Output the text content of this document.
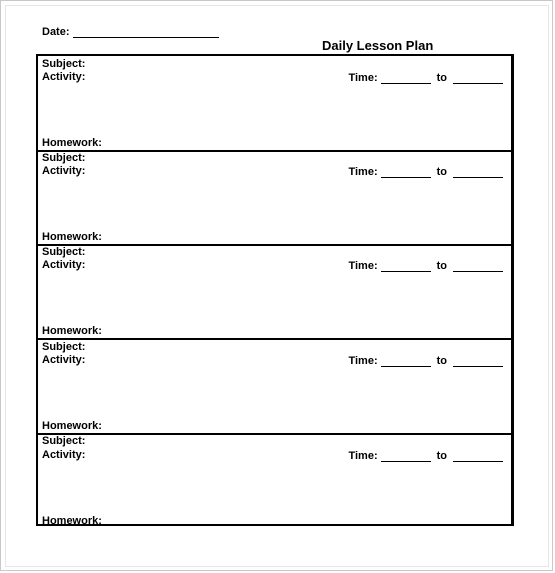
Date:
Daily Lesson Plan
Subject:
Activity:	Time:	to
Homework:
Subject:
Activity:	Time:	to
Homework:
Subject:
Activity:	Time:	to
Homework:
Subject:
Activity:	Time:	to
Homework:
Subject:
Activity:	Time:	to
Homework:
